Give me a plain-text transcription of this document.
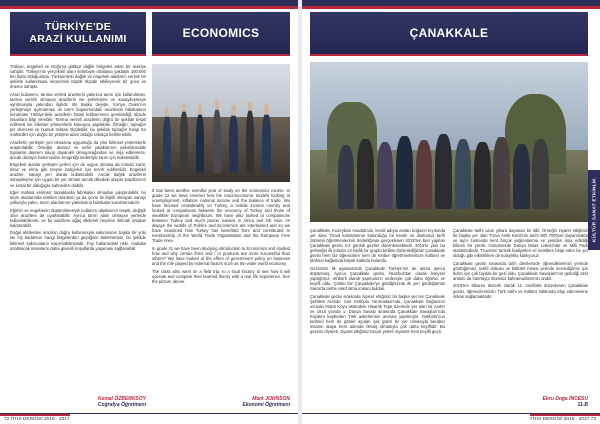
TÜRKİYE'DE
ARAZİ KULLANIMI

Türkiye, engebeli ve Doğu'ya gittikçe dağlık bölgeleri artan bir araziye sahiptir. Türkiye'nin yerçekimi alanı sebebiyle ortalama yaklaşık 100.000 km fazla olduğundan, Türkiye'deki dağlık ve engebeli alanların verimli bir şekilde kullanılması ekonomisi büyük ölçüde etkileyecek bir güce ve öneme sahiptir.

Arazi kullanımı, tarıma verimli arazilerin yalnızca tarım için kullanılması, tarıma verimli olmayan arazilerin ise şehirleşme ve sanayileşmeye ayrılmasıyla yakından ilgilidir. Bir başka deyişle, Konya Ovası'nın yerleşmeye açılmaması ve tarım kapsamındaki arazilerde fabrikaların kurulması Türkiye'deki arazilerin hatalı kullanımının gerektirdiği ölçüde insanlara bilgi verebilir. Tarıma verimli arazilerin doğru bir şekilde tespit edilmesi ise bilimsel yöntemlerle koleayca yapılabilir. Örneğin, toprağın pH derecesi ve humus miktarı ölçülebilir, bu şekilde toprağın hangi tür mahsuller için doğru bir yetişme alanı olduğu rahatça belirlenebilir.

Arazilerin yerleşim yeri olmasına uygunluğu da yine bilimsel yöntemlerle araştırılabilir. Örneğin, alansız ve nehir yataklarının yakınlarındaki topraklar deprem kayıp dayanıklı olmayacağından ve inşa edilemeze, ancak düzayın bakımından zenginliği nedeniyle tarım için kullanılabilir.

Engebeli alanlar yerleşim yerleri için de uygun olmasa da mimari zarar, kiraz ve elma gibi meyve bahçeleri için tercih edilmelidir. Engebeli araziler, sanayi yeri olarak kullanılabilir. Ancak dağlık arazilerin sanayileşme için uygun bir yer olması ancak ülkedeki ulaşım koşullarının ve kırsal bir olduğuyla sahneden olabilir.

Eğer mahsul verimsiz topraklarda fabrikaları olmadan çalıştırılabilir, bu tarım alanlarında üretilen ürünlerin ya da çevre ile ilişkili olmayan sanayi yollarıyla yakın, tarım alanlarının yakınlarına fabrikalar kurulmamalıdır.

Eğimin ve engebenin düşünülmesiyle kullanım alanlarının tespiti, değişik olan arazilere de uyarlanabilir. Ayrıca tarım alanı olmayan yerlerde kullanılabilecek, ve bu arazilere ağaç dikilerek heyelan ihtimali ortadan kaldırılabilir.

Doğal afetlerden arazinin doğru kullanımıyla sakınmanın başka bir yolu ise hiç kadarının hangi bölgelerden geçtiğinin belirlenmesi, bu şekilde bilimsel sakıncaların kaçınılabilmesidir. Fay hatlarındaki riski, mutlaka azaltılacak insanların daha güvenli koşullarda yaşaması sağlanabilir.

Kemal ÖZBERKSOY
Coğrafya Öğretmeni
ECONOMICS

It has been another eventful year of study on the economics course. In grade 12 we have covered how the macroeconomic models looking at unemployment, inflation, national income and the balance of trade. We have focused considerably on Turkey, a middle income country and looked at comparisons between the economy of Turkey and those of wealthier European neighbours. We have also looked at comparisons between Turkey and much poorer nations in Africa and SE Asia. As always the worlds of Politics and Economics are intertwined and so we have examined how Turkey has benefited from and contributed to membership of the World Trade Organisation and the European Free Trade Area.

In grade 11 we have been studying introduction to Economics and studied how and why certain firms and / or products are more successful than others? We have looked at the effect of government policy on business and the role played by external factors such as the wider world economy.

The class also went on a field trip, to a local factory to see how it will operate and compare their learned theory with a real life experience. See the picture above.

Mark JOHNSON
Ekonomi Öğretmeni
72 İTHS DERGİSİ 2016 - 2017
ÇANAKKALE

Çanakkale, Kuzeybatı Anadolu'da, kendi adıyla anılan boğazın kıyısında yer alan, Truva kalıntılarının bulunduğu bir kentiir ve okulumuz tarih zümresi öğretmenlerinin önderliğinde gerçekleşen 2015'ten beri yapılan Çanakkale gezisi 3-4 günlük geziler düzenlemektedir. 2015'te yeni bu gelmeğin ilk yılında 13 kişilik bir grupla birlikte düzenlediğimiz Çanakkale gezisi hem biz öğrencilere hem de rehber öğretmenlerimize kültürel ve tarihsel bağlamda büyük katkıda bulundu.

Gezimizin ilk aşamasında Çanakkale Türkiye'nin de adına ayrıca düşünmüş. Ayrıca Çanakkale gezisi, İstanbul'dan olarak bireysel yaptığımız, rehberli olarak yapmamızı nedeniyle çok daha öğretici ve keyifli oldu. Çünkü biz Çanakkale'ye geldiğimizde ilk yeri gördüğümüz Saros'ta tarihe vakıf olma imkanı bulduk.

Çanakkale gezisi sırasında ziyaret ettiğimiz bir başka yer ise Çanakkale Şehitleri Anıtıdır. Anıt Gelibolu Yarımadası'nda, Çanakkale Boğazının ucunda Morto Koyu üstündeki Hisarlık Tepe üzerinde yer alan bir anıttır ve 1915 yılında 1. Dünya Savaşı sırasında Çanakkale Savaşları'nda hayatını kaybeden Türk askerlerinin anısına yapılmıştır. Gelibolu'nun tarihsel hem de görsel açıdan çok güzel bir yer olmasıyla beraber insanın ataya hem adımda ölmüş olmasıyla çok daha keyiflidir. Bu gezinin diyareti, ziyaret ettiğimiz birçok yerleri ziyarete hem keyifli geçti.

Çanakkale tarihi uzun yıllara dayanan bir ildir. Örneğin ziyaret ettiğimiz bir başka yer olan Truva Antik Kenti'nin tarihi MÖ 700'lere dayanmakta ve aynı zamanda kent birçok yağmalanma ve yeniden inşa edildiği bilinen bir yerdir. Günümüzde Dünya Miras Listesi'nde ve Milli Park statüsündedir. Truva'nın turistik faaliyetleri ve turistlere hitap eden bir yer olduğu gibi etkinliklere de kolaylıkla katılıyoruz.

Çanakkale gezisi sırasında tarih derslerinde öğrendiklerimizi yerinde gördüğümüz, tarihî dokusu ve kültürel mirası yerinde incelediğimiz için bizim için çok faydalı bir gezi oldu. Çanakkale Savaşları'nın getirdiği özel anlamı da hatırlayıp ölümsüz kahramanlarımızı andık.

2015'ten itibaren düzenli olarak 11. sınıflarla düzenlenen Çanakkale gezisi, öğrencilerimizin Türk tarihi ve kültürü hakkında bilgi edinmesine imkan sağlamaktadır.

Ebru Doğa İNCESU
11-B
KÜLTÜR SANAT ETKİNLİK
İTHS DERGİSİ 2016 - 2017 73
